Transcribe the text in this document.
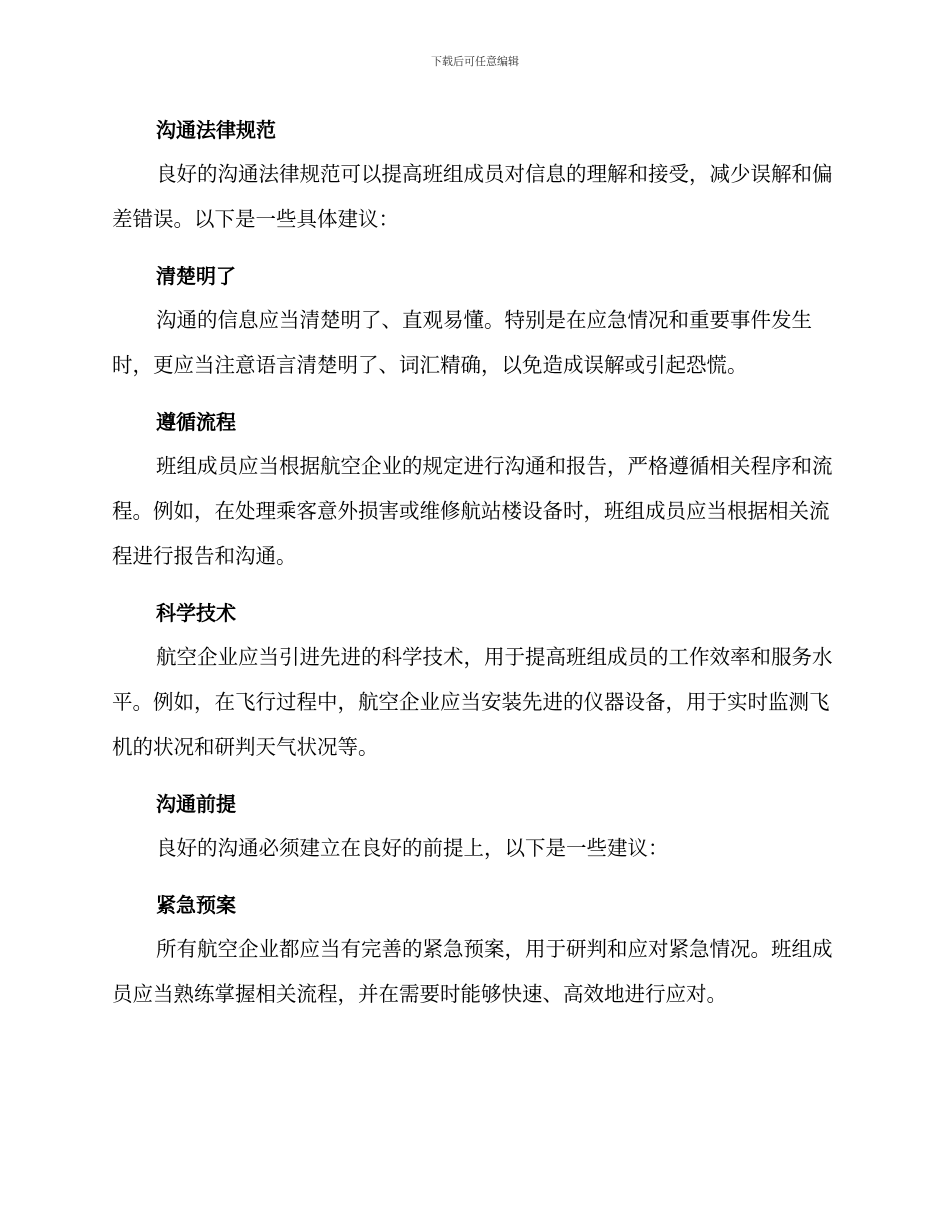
下载后可任意编辑
沟通法律规范

良好的沟通法律规范可以提高班组成员对信息的理解和接受，减少误解和偏差错误。以下是一些具体建议：

清楚明了

沟通的信息应当清楚明了、直观易懂。特别是在应急情况和重要事件发生时，更应当注意语言清楚明了、词汇精确，以免造成误解或引起恐慌。

遵循流程

班组成员应当根据航空企业的规定进行沟通和报告，严格遵循相关程序和流程。例如，在处理乘客意外损害或维修航站楼设备时，班组成员应当根据相关流程进行报告和沟通。

科学技术

航空企业应当引进先进的科学技术，用于提高班组成员的工作效率和服务水平。例如，在飞行过程中，航空企业应当安装先进的仪器设备，用于实时监测飞机的状况和研判天气状况等。

沟通前提

良好的沟通必须建立在良好的前提上，以下是一些建议：

紧急预案

所有航空企业都应当有完善的紧急预案，用于研判和应对紧急情况。班组成员应当熟练掌握相关流程，并在需要时能够快速、高效地进行应对。
